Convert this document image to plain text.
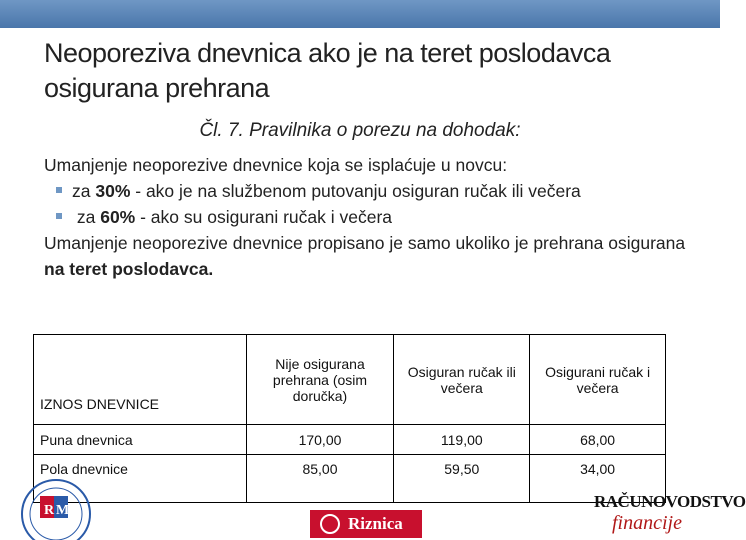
Neoporeziva dnevnica ako je na teret poslodavca osigurana prehrana
Čl. 7. Pravilnika o porezu na dohodak:

Umanjenje neoporezive dnevnice koja se isplaćuje u novcu:

za 30% - ako je na službenom putovanju osiguran ručak ili večera

za 60% - ako su osigurani ručak i večera

Umanjenje neoporezive dnevnice propisano je samo ukoliko je prehrana osigurana na teret poslodavca.

IZNOS DNEVNICE	Nije osigurana prehrana (osim doručka)	Osiguran ručak ili večera	Osigurani ručak i večera
Puna dnevnica	170,00	119,00	68,00
Pola dnevnice	85,00	59,50	34,00
R M
Riznica
RAČUNOVODSTVO
financije
